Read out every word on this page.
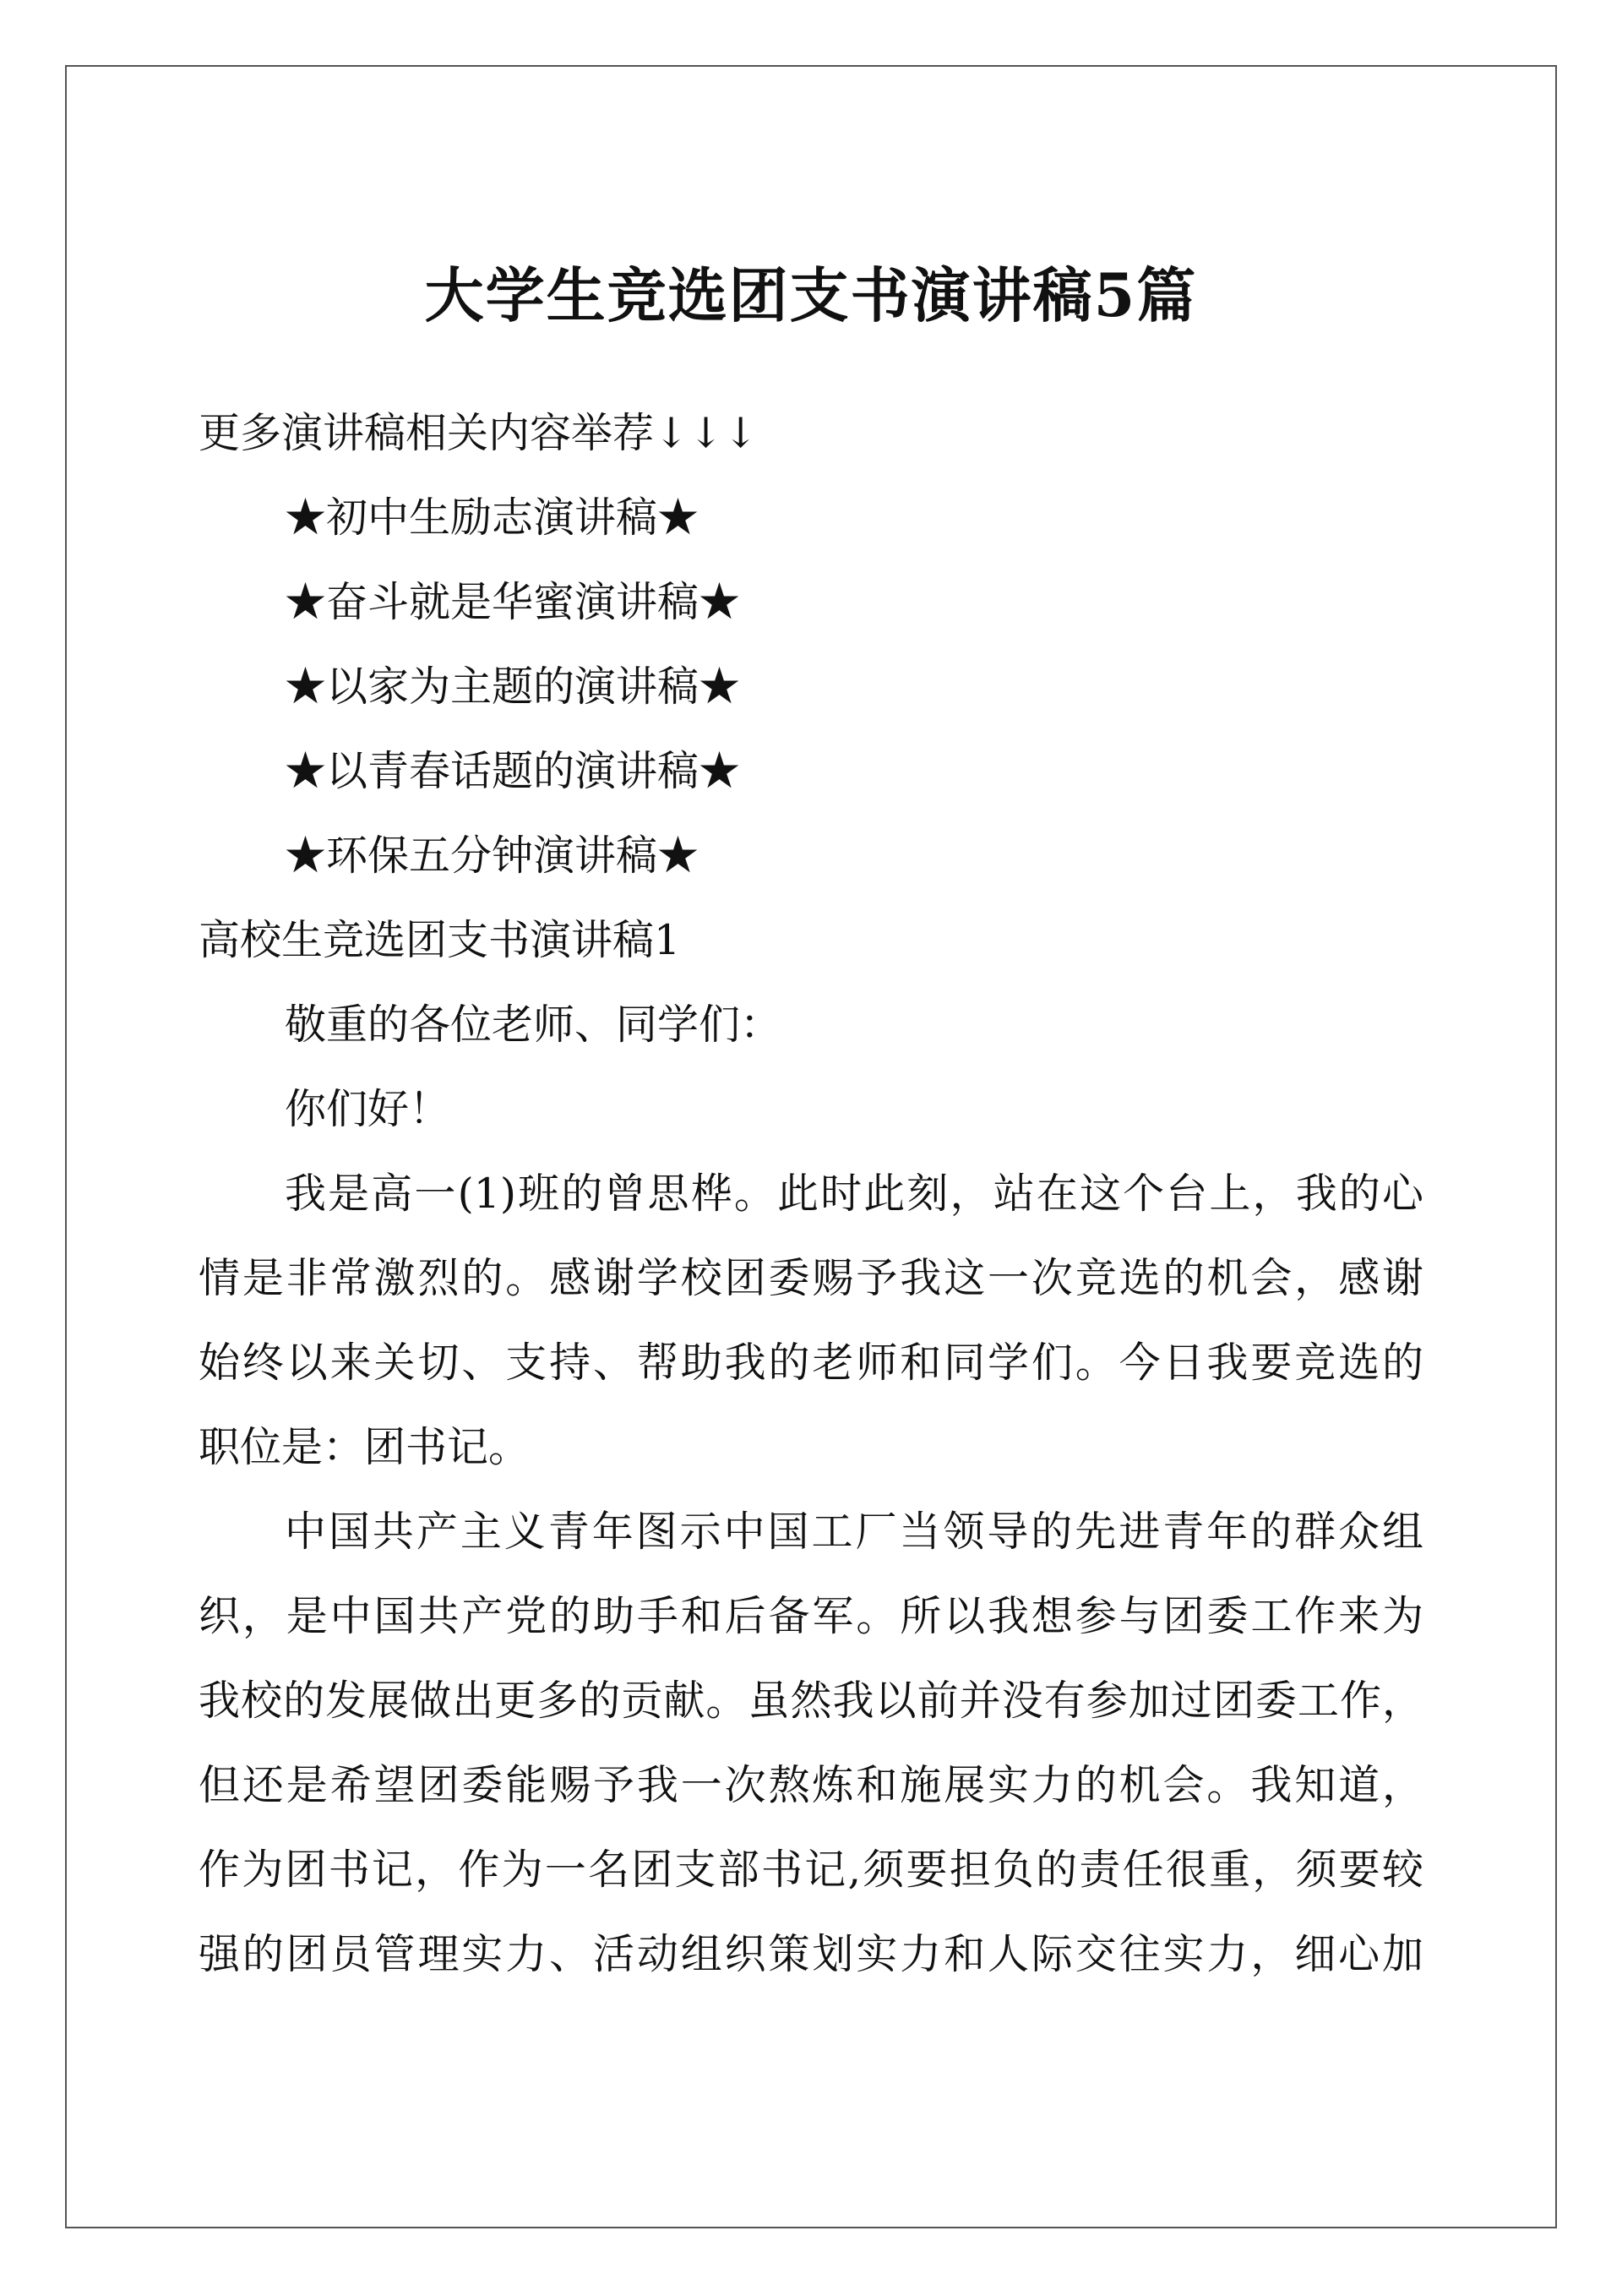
大学生竞选团支书演讲稿5篇
更多演讲稿相关内容举荐↓↓↓
★初中生励志演讲稿★
★奋斗就是华蜜演讲稿★
★以家为主题的演讲稿★
★以青春话题的演讲稿★
★环保五分钟演讲稿★
高校生竞选团支书演讲稿1
敬重的各位老师、同学们：
你们好！
我是高一(1)班的曾思桦。此时此刻，站在这个台上，我的心
情是非常激烈的。感谢学校团委赐予我这一次竞选的机会，感谢
始终以来关切、支持、帮助我的老师和同学们。今日我要竞选的
职位是：团书记。
中国共产主义青年图示中国工厂当领导的先进青年的群众组
织，是中国共产党的助手和后备军。所以我想参与团委工作来为
我校的发展做出更多的贡献。虽然我以前并没有参加过团委工作，
但还是希望团委能赐予我一次熬炼和施展实力的机会。我知道，
作为团书记，作为一名团支部书记,须要担负的责任很重，须要较
强的团员管理实力、活动组织策划实力和人际交往实力，细心加
